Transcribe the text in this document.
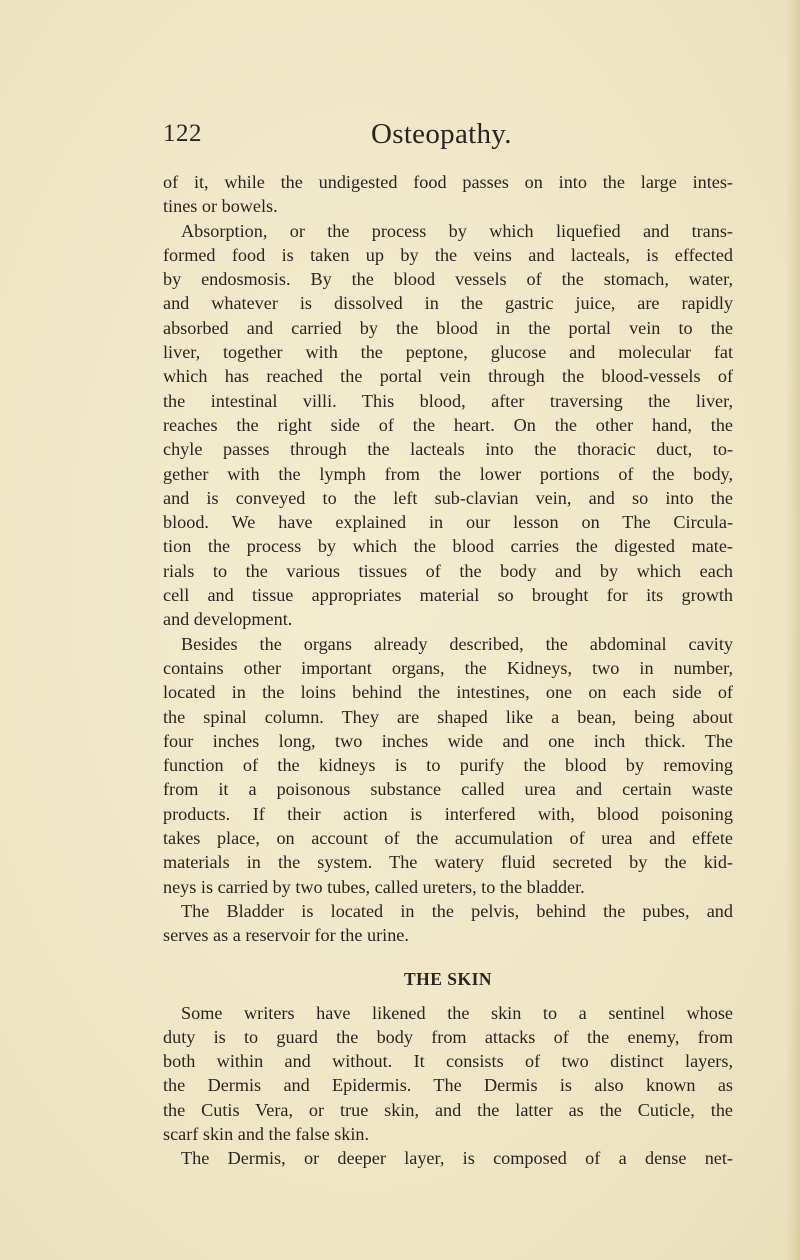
122	Osteopathy.
of it, while the undigested food passes on into the large intes-
tines or bowels.
Absorption, or the process by which liquefied and trans-
formed food is taken up by the veins and lacteals, is effected
by endosmosis. By the blood vessels of the stomach, water,
and whatever is dissolved in the gastric juice, are rapidly
absorbed and carried by the blood in the portal vein to the
liver, together with the peptone, glucose and molecular fat
which has reached the portal vein through the blood-vessels of
the intestinal villi. This blood, after traversing the liver,
reaches the right side of the heart. On the other hand, the
chyle passes through the lacteals into the thoracic duct, to-
gether with the lymph from the lower portions of the body,
and is conveyed to the left sub-clavian vein, and so into the
blood. We have explained in our lesson on The Circula-
tion the process by which the blood carries the digested mate-
rials to the various tissues of the body and by which each
cell and tissue appropriates material so brought for its growth
and development.
Besides the organs already described, the abdominal cavity
contains other important organs, the Kidneys, two in number,
located in the loins behind the intestines, one on each side of
the spinal column. They are shaped like a bean, being about
four inches long, two inches wide and one inch thick. The
function of the kidneys is to purify the blood by removing
from it a poisonous substance called urea and certain waste
products. If their action is interfered with, blood poisoning
takes place, on account of the accumulation of urea and effete
materials in the system. The watery fluid secreted by the kid-
neys is carried by two tubes, called ureters, to the bladder.
The Bladder is located in the pelvis, behind the pubes, and
serves as a reservoir for the urine.
THE SKIN
Some writers have likened the skin to a sentinel whose
duty is to guard the body from attacks of the enemy, from
both within and without. It consists of two distinct layers,
the Dermis and Epidermis. The Dermis is also known as
the Cutis Vera, or true skin, and the latter as the Cuticle, the
scarf skin and the false skin.
The Dermis, or deeper layer, is composed of a dense net-
